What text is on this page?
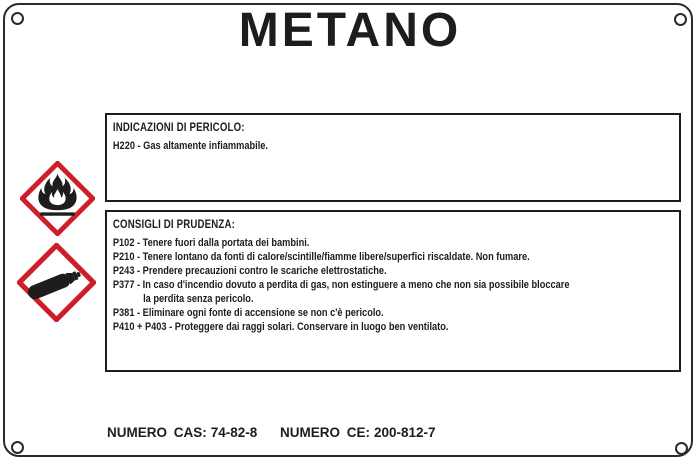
METANO
INDICAZIONI DI PERICOLO:
H220 - Gas altamente infiammabile.
CONSIGLI DI PRUDENZA:
P102 - Tenere fuori dalla portata dei bambini.
P210 - Tenere lontano da fonti di calore/scintille/fiamme libere/superfici riscaldate. Non fumare.
P243 - Prendere precauzioni contro le scariche elettrostatiche.
P377 - In caso d'incendio dovuto a perdita di gas, non estinguere a meno che non sia possibile bloccare
la perdita senza pericolo.
P381 - Eliminare ogni fonte di accensione se non c'è pericolo.
P410 + P403 - Proteggere dai raggi solari. Conservare in luogo ben ventilato.
NUMERO CAS: 74-82-8 NUMERO CE: 200-812-7
